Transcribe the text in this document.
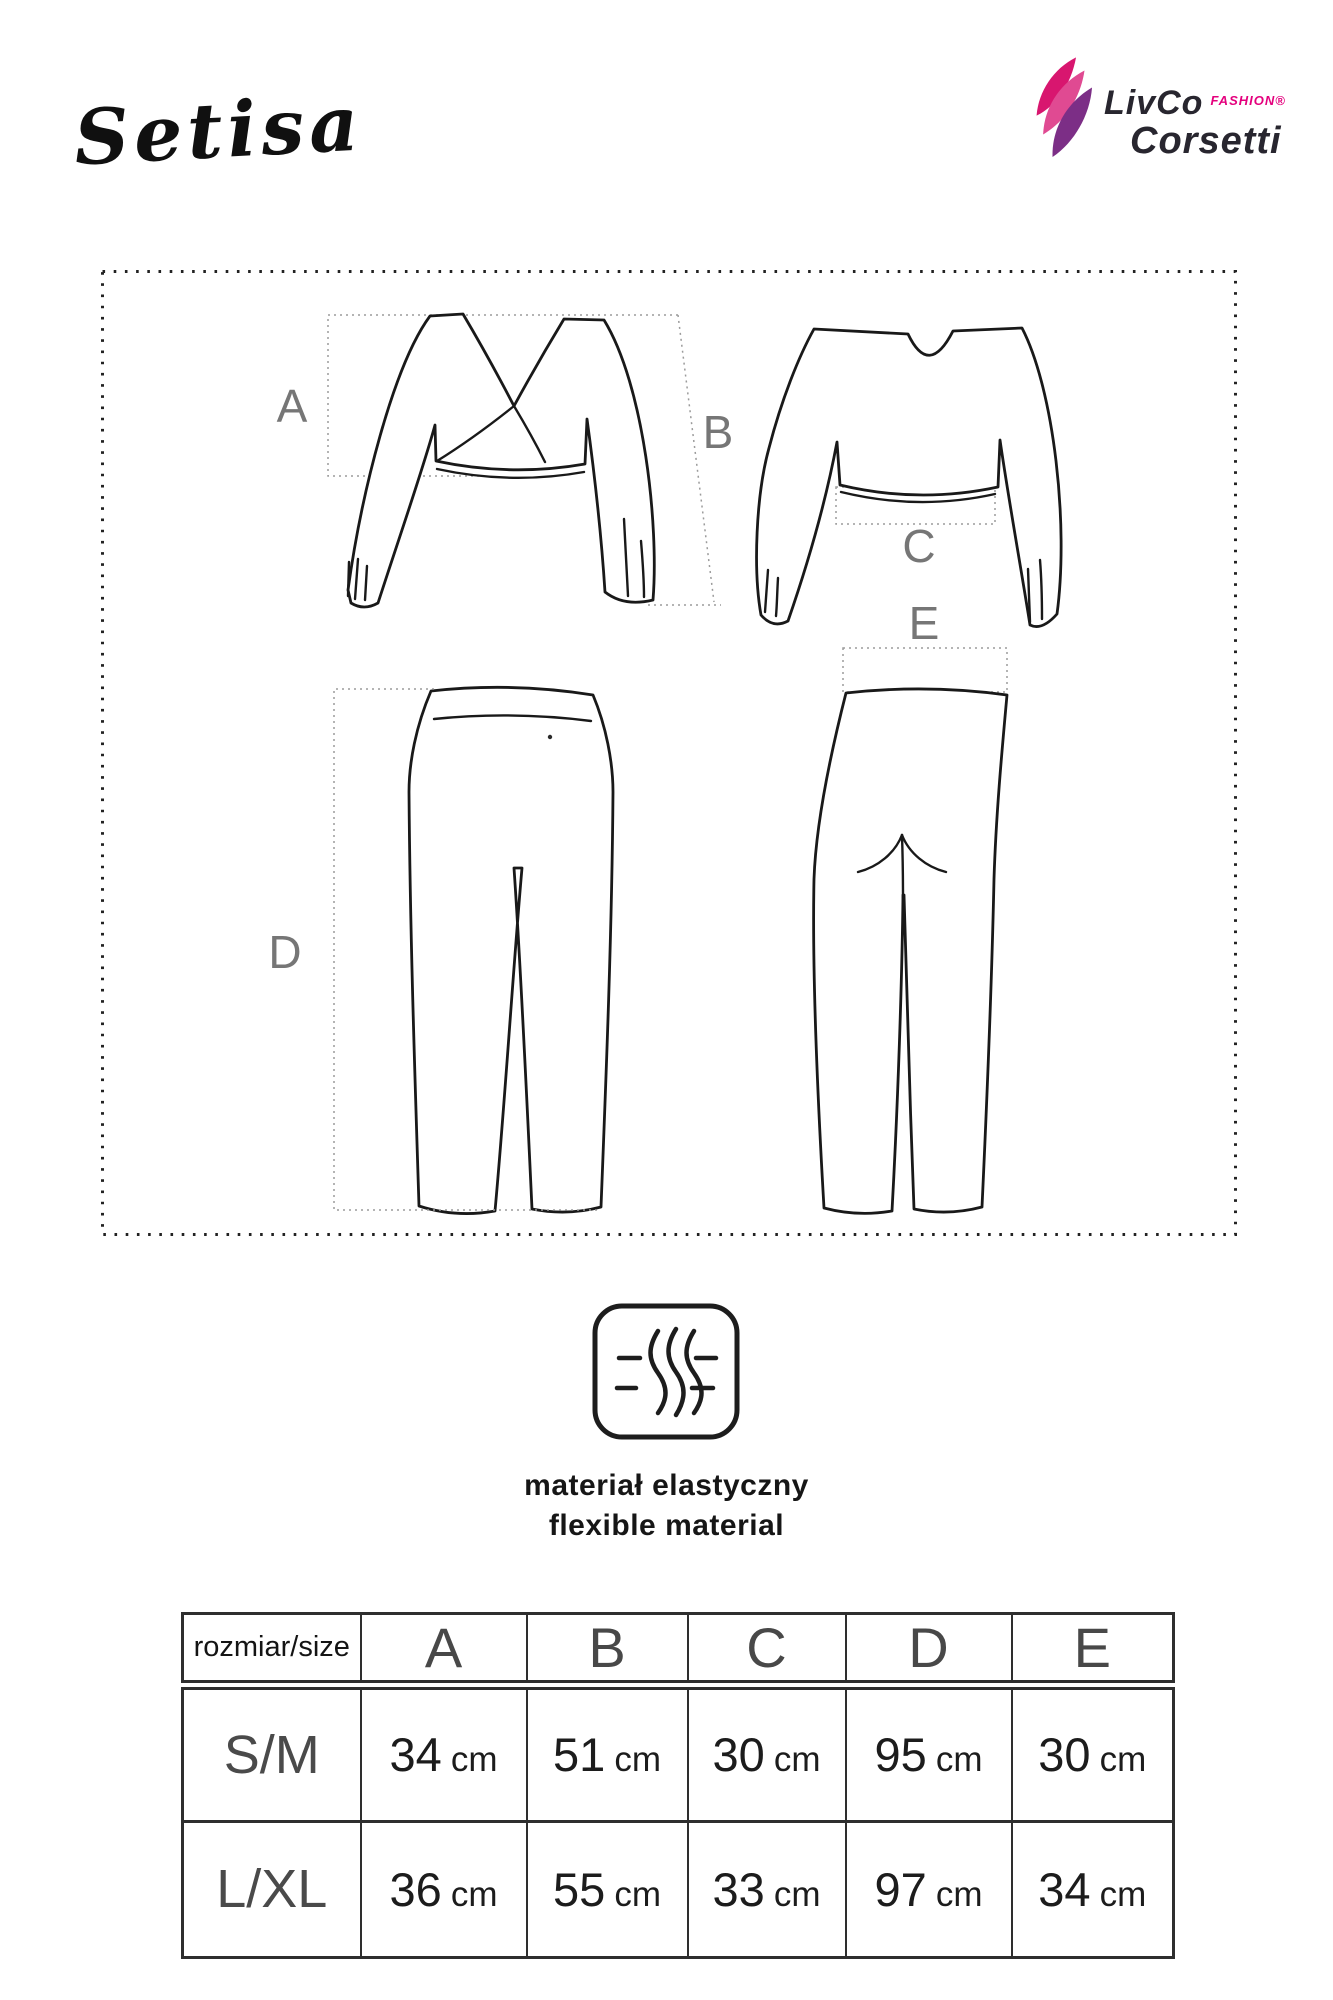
Setisa	LivCo $^{FASHION®}$
Corsetti
A	B
C
D
E
materiał elastyczny
flexible material
rozmiar/size	A	B	C	D	E
S/M	34 cm	51 cm	30 cm	95 cm	30 cm
L/XL	36 cm	55 cm	33 cm	97 cm	34 cm
